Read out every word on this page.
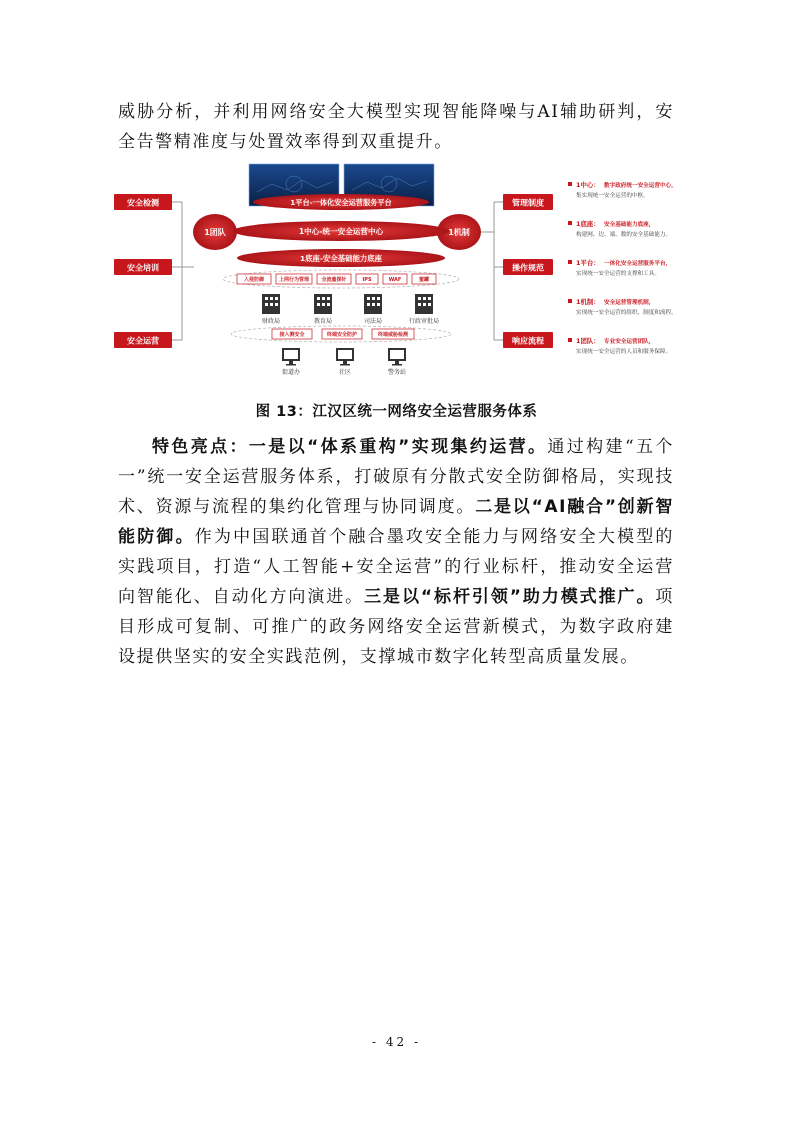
威胁分析，并利用网络安全大模型实现智能降噪与AI辅助研判，安全告警精准度与处置效率得到双重提升。
安全检测
安全培训
安全运营
1团队	1机制
1平台-一体化安全运营服务平台
1中心-统一安全运营中心
1底座-安全基础能力底座
入侵防御	上网行为管理 全流量探针	IPS	WAF	蜜罐
财政局	教育局	司法局	行政审批局
接入侧安全	终端安全防护	终端威胁检测
街道办	社区	警务站
管理制度
操作规范
响应流程
1中心： 数字政府统一安全运营中心，
集实现统一安全运营的中枢。
1底座： 安全基础能力底座，
构建网、边、端、数的安全基础能力。
1平台： 一体化安全运营服务平台，
实现统一安全运营的支撑和工具。
1机制： 安全运营管理机制，
实现统一安全运营的组织、制度和流程。
1团队： 专业安全运营团队，
实现统一安全运营的人员和服务保障。
图 13：江汉区统一网络安全运营服务体系
特色亮点：一是以“体系重构”实现集约运营。通过构建“五个一”统一安全运营服务体系，打破原有分散式安全防御格局，实现技术、资源与流程的集约化管理与协同调度。二是以“AI融合”创新智能防御。作为中国联通首个融合墨攻安全能力与网络安全大模型的实践项目，打造“人工智能+安全运营”的行业标杆，推动安全运营向智能化、自动化方向演进。三是以“标杆引领”助力模式推广。项目形成可复制、可推广的政务网络安全运营新模式，为数字政府建设提供坚实的安全实践范例，支撑城市数字化转型高质量发展。
- 42 -
